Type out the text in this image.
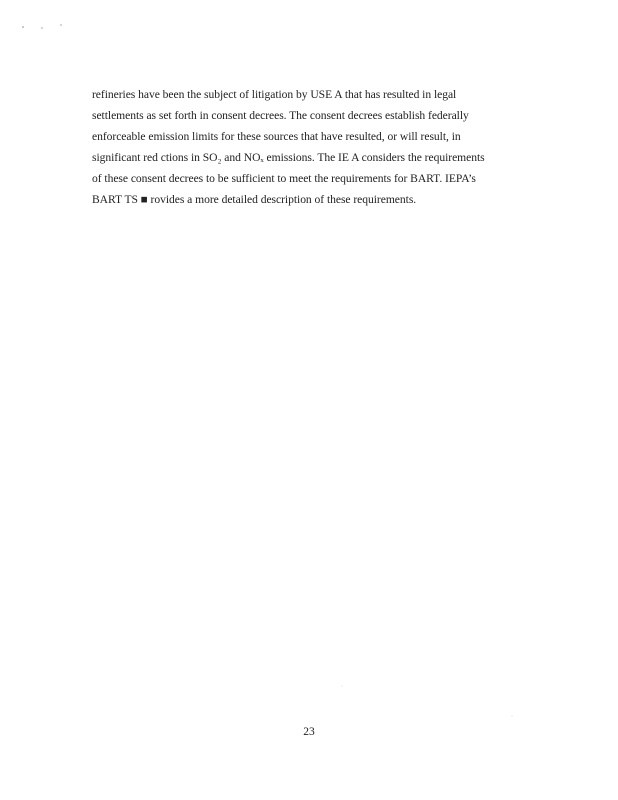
refineries have been the subject of litigation by USE A that has resulted in legal
settlements as set forth in consent decrees. The consent decrees establish federally
enforceable emission limits for these sources that have resulted, or will result, in
significant red ctions in SO₂ and NOₓ emissions. The IE A considers the requirements
of these consent decrees to be sufficient to meet the requirements for BART. IEPA’s
BART TS ■ rovides a more detailed description of these requirements.

23
